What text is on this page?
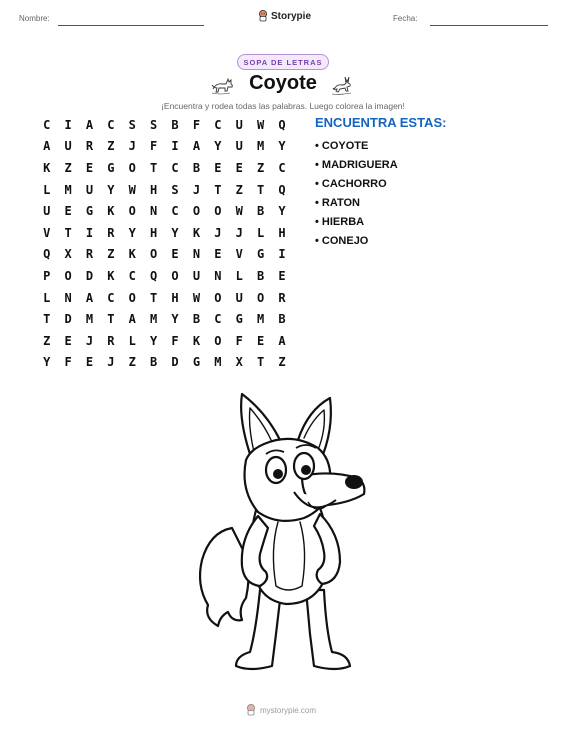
Nombre:	Storypie	Fecha:
SOPA DE LETRAS
Coyote
¡Encuentra y rodea todas las palabras. Luego colorea la imagen!
C	I	A	C	S	S	B	F	C	U	W	Q
A	U	R	Z	J	F	I	A	Y	U	M	Y
K	Z	E	G	O	T	C	B	E	E	Z	C
L	M	U	Y	W	H	S	J	T	Z	T	Q
U	E	G	K	O	N	C	O	O	W	B	Y
V	T	I	R	Y	H	Y	K	J	J	L	H
Q	X	R	Z	K	O	E	N	E	V	G	I
P	O	D	K	C	Q	O	U	N	L	B	E
L	N	A	C	O	T	H	W	O	U	O	R
T	D	M	T	A	M	Y	B	C	G	M	B
Z	E	J	R	L	Y	F	K	O	F	E	A
Y	F	E	J	Z	B	D	G	M	X	T	Z
ENCUENTRA ESTAS:
• COYOTE
• MADRIGUERA
• CACHORRO
• RATON
• HIERBA
• CONEJO
mystorypie.com
